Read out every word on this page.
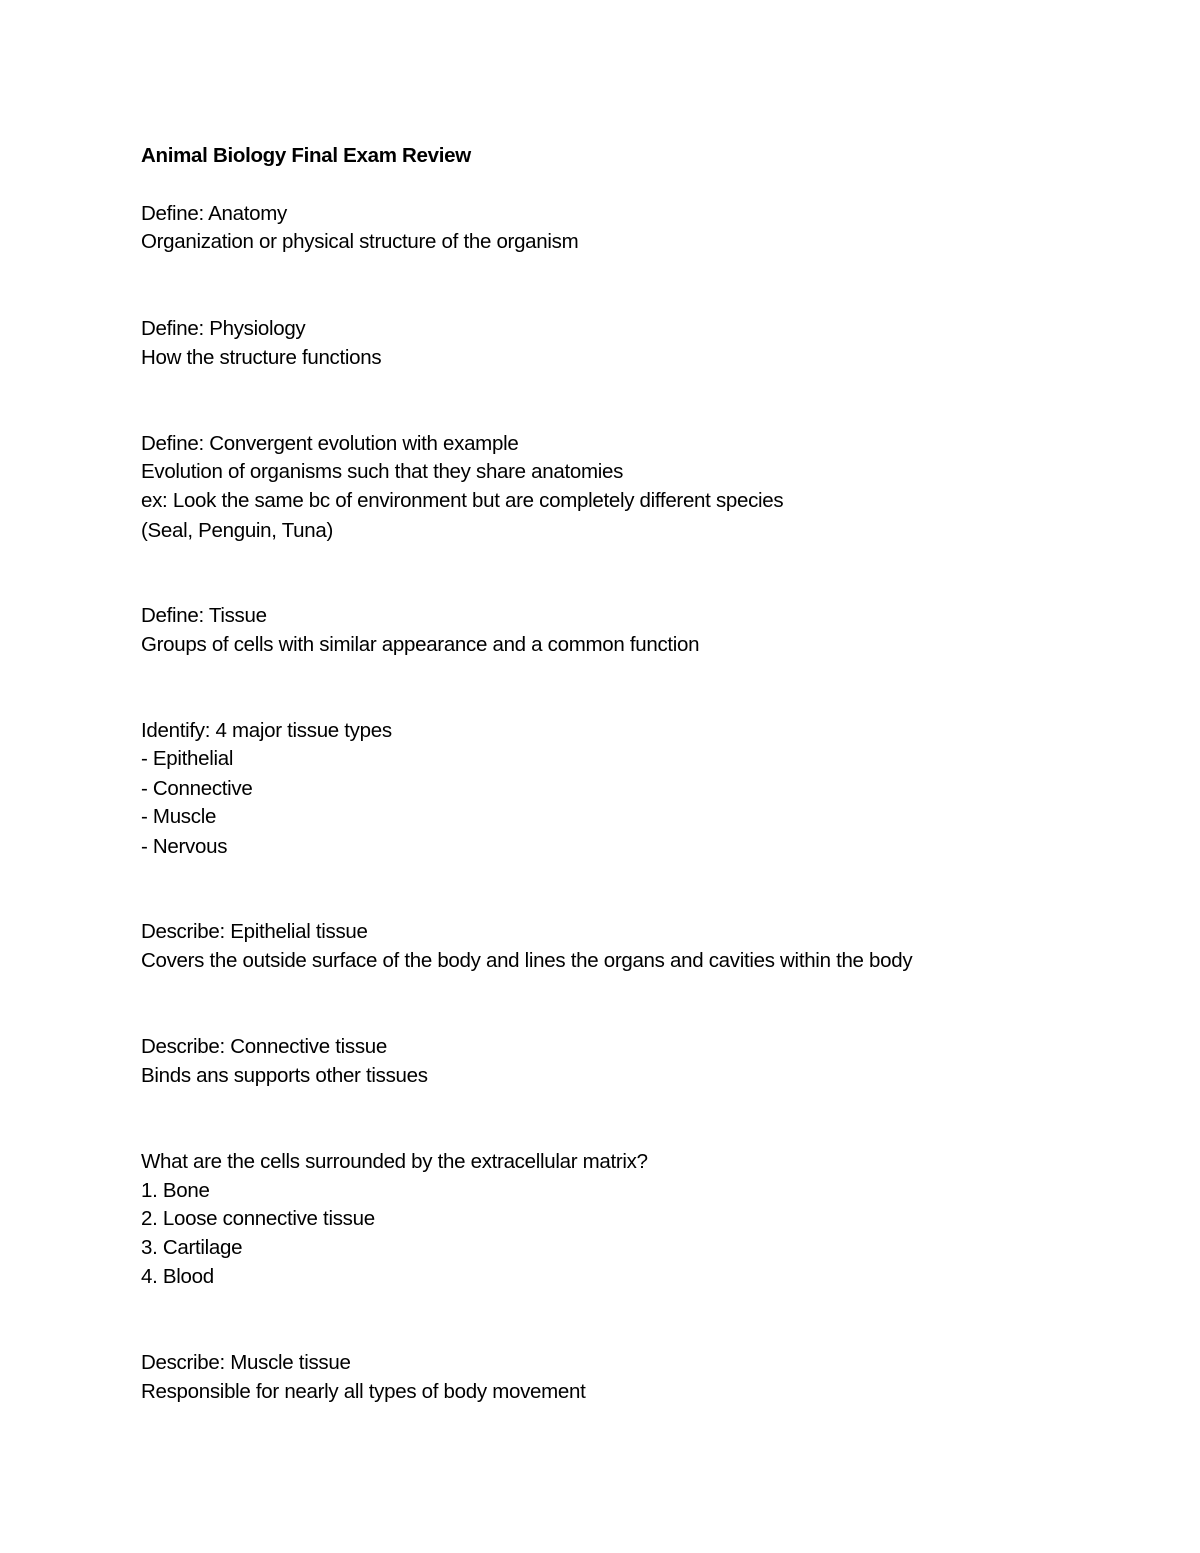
Animal Biology Final Exam Review
Define: Anatomy
Organization or physical structure of the organism
Define: Physiology
How the structure functions
Define: Convergent evolution with example
Evolution of organisms such that they share anatomies
ex: Look the same bc of environment but are completely different species
(Seal, Penguin, Tuna)
Define: Tissue
Groups of cells with similar appearance and a common function
Identify: 4 major tissue types
- Epithelial
- Connective
- Muscle
- Nervous
Describe: Epithelial tissue
Covers the outside surface of the body and lines the organs and cavities within the body
Describe: Connective tissue
Binds ans supports other tissues
What are the cells surrounded by the extracellular matrix?
1. Bone
2. Loose connective tissue
3. Cartilage
4. Blood
Describe: Muscle tissue
Responsible for nearly all types of body movement
